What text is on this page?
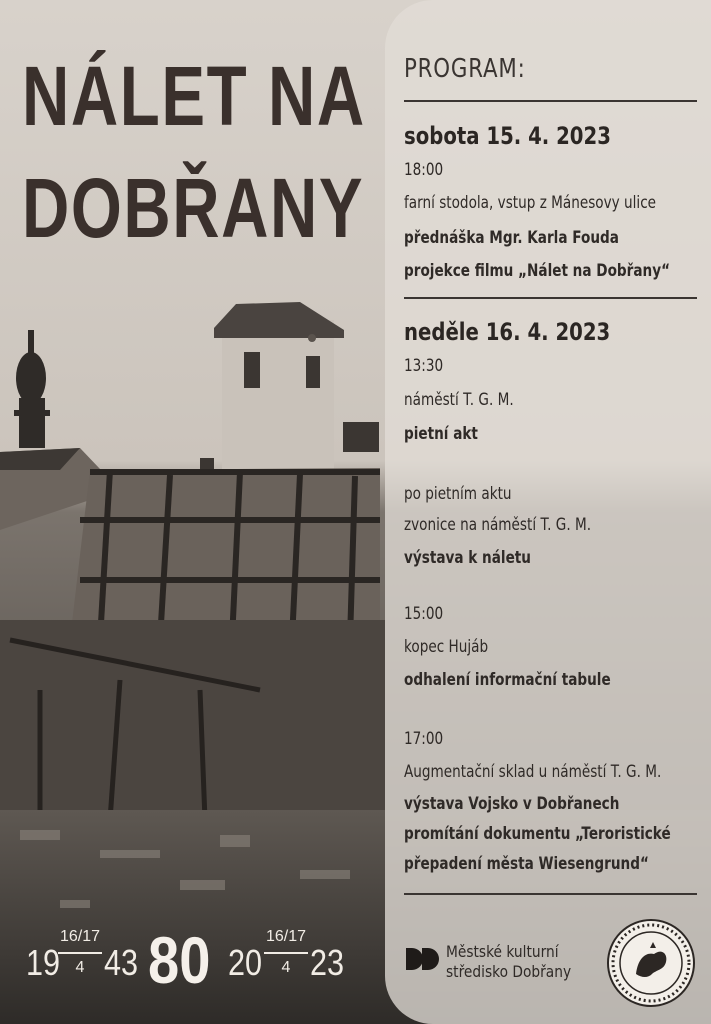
NÁLET NA
DOBŘANY
PROGRAM:
sobota 15. 4. 2023
18:00
farní stodola, vstup z Mánesovy ulice
přednáška Mgr. Karla Fouda
projekce filmu „Nálet na Dobřany“
neděle 16. 4. 2023
13:30
náměstí T. G. M.
pietní akt
po pietním aktu
zvonice na náměstí T. G. M.
výstava k náletu
15:00
kopec Hujáb
odhalení informační tabule
17:00
Augmentační sklad u náměstí T. G. M.
výstava Vojsko v Dobřanech
promítání dokumentu „Teroristické
přepadení města Wiesengrund“
19
$\frac{16/17}{4} 43$ 80 $20 \frac{16/17}{4} 23$	Městské kulturní
středisko Dobřany
